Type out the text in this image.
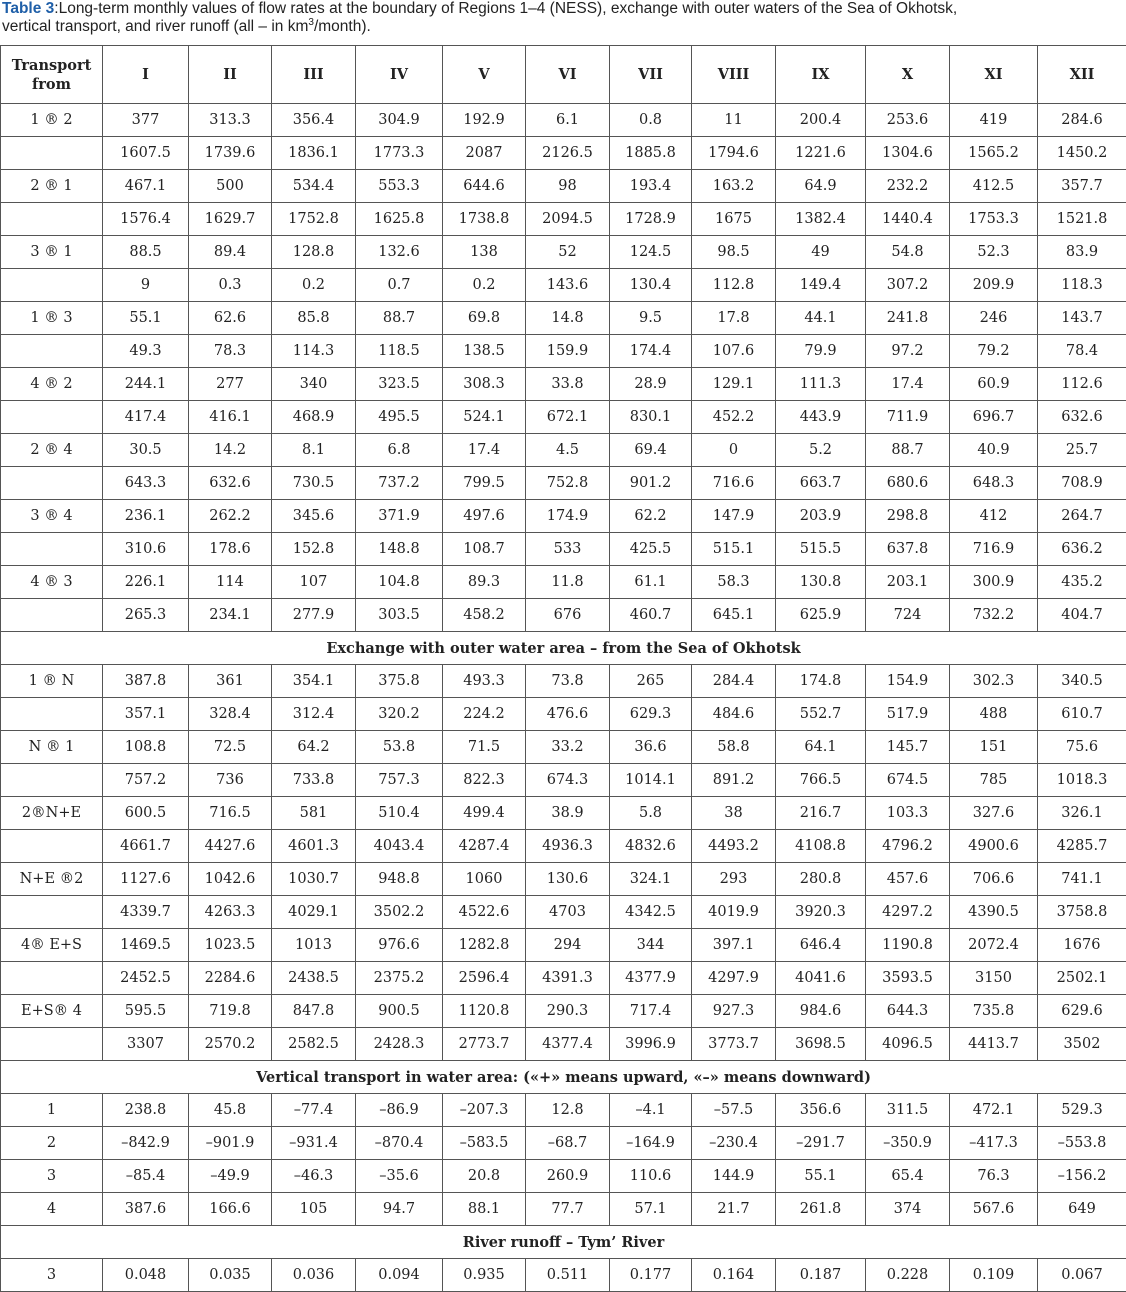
Table 3:Long-term monthly values of flow rates at the boundary of Regions 1–4 (NESS), exchange with outer waters of the Sea of Okhotsk,
vertical transport, and river runoff (all – in $km^3/month$).
Transport
from	I	II	III	IV	V	VI	VII	VIII	IX	X	XI	XII
1 ® 2	377	313.3	356.4	304.9	192.9	6.1	0.8	11	200.4	253.6	419	284.6
	1607.5	1739.6	1836.1	1773.3	2087	2126.5	1885.8	1794.6	1221.6	1304.6	1565.2	1450.2
2 ® 1	467.1	500	534.4	553.3	644.6	98	193.4	163.2	64.9	232.2	412.5	357.7
	1576.4	1629.7	1752.8	1625.8	1738.8	2094.5	1728.9	1675	1382.4	1440.4	1753.3	1521.8
3 ® 1	88.5	89.4	128.8	132.6	138	52	124.5	98.5	49	54.8	52.3	83.9
	9	0.3	0.2	0.7	0.2	143.6	130.4	112.8	149.4	307.2	209.9	118.3
1 ® 3	55.1	62.6	85.8	88.7	69.8	14.8	9.5	17.8	44.1	241.8	246	143.7
	49.3	78.3	114.3	118.5	138.5	159.9	174.4	107.6	79.9	97.2	79.2	78.4
4 ® 2	244.1	277	340	323.5	308.3	33.8	28.9	129.1	111.3	17.4	60.9	112.6
	417.4	416.1	468.9	495.5	524.1	672.1	830.1	452.2	443.9	711.9	696.7	632.6
2 ® 4	30.5	14.2	8.1	6.8	17.4	4.5	69.4	0	5.2	88.7	40.9	25.7
	643.3	632.6	730.5	737.2	799.5	752.8	901.2	716.6	663.7	680.6	648.3	708.9
3 ® 4	236.1	262.2	345.6	371.9	497.6	174.9	62.2	147.9	203.9	298.8	412	264.7
	310.6	178.6	152.8	148.8	108.7	533	425.5	515.1	515.5	637.8	716.9	636.2
4 ® 3	226.1	114	107	104.8	89.3	11.8	61.1	58.3	130.8	203.1	300.9	435.2
	265.3	234.1	277.9	303.5	458.2	676	460.7	645.1	625.9	724	732.2	404.7
Exchange with outer water area – from the Sea of Okhotsk												
1 ® N	387.8	361	354.1	375.8	493.3	73.8	265	284.4	174.8	154.9	302.3	340.5
	357.1	328.4	312.4	320.2	224.2	476.6	629.3	484.6	552.7	517.9	488	610.7
N ® 1	108.8	72.5	64.2	53.8	71.5	33.2	36.6	58.8	64.1	145.7	151	75.6
	757.2	736	733.8	757.3	822.3	674.3	1014.1	891.2	766.5	674.5	785	1018.3
2®N+E	600.5	716.5	581	510.4	499.4	38.9	5.8	38	216.7	103.3	327.6	326.1
	4661.7	4427.6	4601.3	4043.4	4287.4	4936.3	4832.6	4493.2	4108.8	4796.2	4900.6	4285.7
N+E ®2	1127.6	1042.6	1030.7	948.8	1060	130.6	324.1	293	280.8	457.6	706.6	741.1
	4339.7	4263.3	4029.1	3502.2	4522.6	4703	4342.5	4019.9	3920.3	4297.2	4390.5	3758.8
4® E+S	1469.5	1023.5	1013	976.6	1282.8	294	344	397.1	646.4	1190.8	2072.4	1676
	2452.5	2284.6	2438.5	2375.2	2596.4	4391.3	4377.9	4297.9	4041.6	3593.5	3150	2502.1
E+S® 4	595.5	719.8	847.8	900.5	1120.8	290.3	717.4	927.3	984.6	644.3	735.8	629.6
	3307	2570.2	2582.5	2428.3	2773.7	4377.4	3996.9	3773.7	3698.5	4096.5	4413.7	3502
Vertical transport in water area: («+» means upward, «–» means downward)												
1	238.8	45.8	–77.4	–86.9	–207.3	12.8	–4.1	–57.5	356.6	311.5	472.1	529.3
2	–842.9	–901.9	–931.4	–870.4	–583.5	–68.7	–164.9	–230.4	–291.7	–350.9	–417.3	–553.8
3	–85.4	–49.9	–46.3	–35.6	20.8	260.9	110.6	144.9	55.1	65.4	76.3	–156.2
4	387.6	166.6	105	94.7	88.1	77.7	57.1	21.7	261.8	374	567.6	649
River runoff – Tym’ River												
3	0.048	0.035	0.036	0.094	0.935	0.511	0.177	0.164	0.187	0.228	0.109	0.067
